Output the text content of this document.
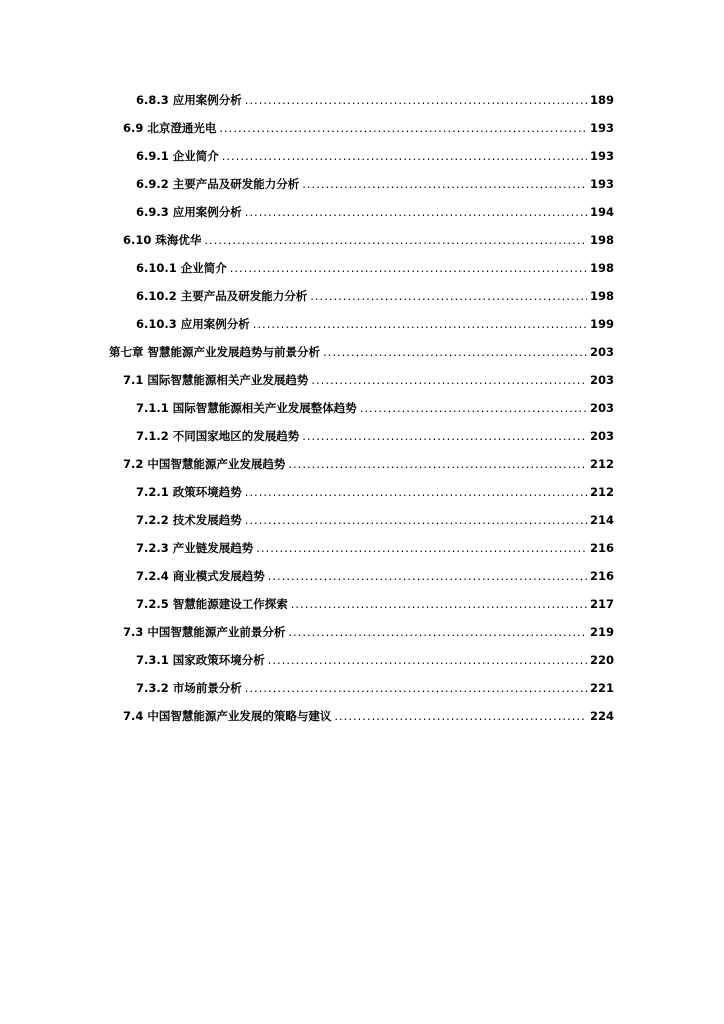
6.8.3 应用案例分析 .....	189
6.9 北京澄通光电 .....	193
6.9.1 企业简介 .....	193
6.9.2 主要产品及研发能力分析 .....	193
6.9.3 应用案例分析 .....	194
6.10 珠海优华 .....	198
6.10.1 企业简介 .....	198
6.10.2 主要产品及研发能力分析 .....	198
6.10.3 应用案例分析 .....	199
第七章 智慧能源产业发展趋势与前景分析 .....	203
7.1 国际智慧能源相关产业发展趋势 .....	203
7.1.1 国际智慧能源相关产业发展整体趋势 .....	203
7.1.2 不同国家地区的发展趋势 .....	203
7.2 中国智慧能源产业发展趋势 .....	212
7.2.1 政策环境趋势 .....	212
7.2.2 技术发展趋势 .....	214
7.2.3 产业链发展趋势 .....	216
7.2.4 商业模式发展趋势 .....	216
7.2.5 智慧能源建设工作探索 .....	217
7.3 中国智慧能源产业前景分析 .....	219
7.3.1 国家政策环境分析 .....	220
7.3.2 市场前景分析 .....	221
7.4 中国智慧能源产业发展的策略与建议 .....	224
